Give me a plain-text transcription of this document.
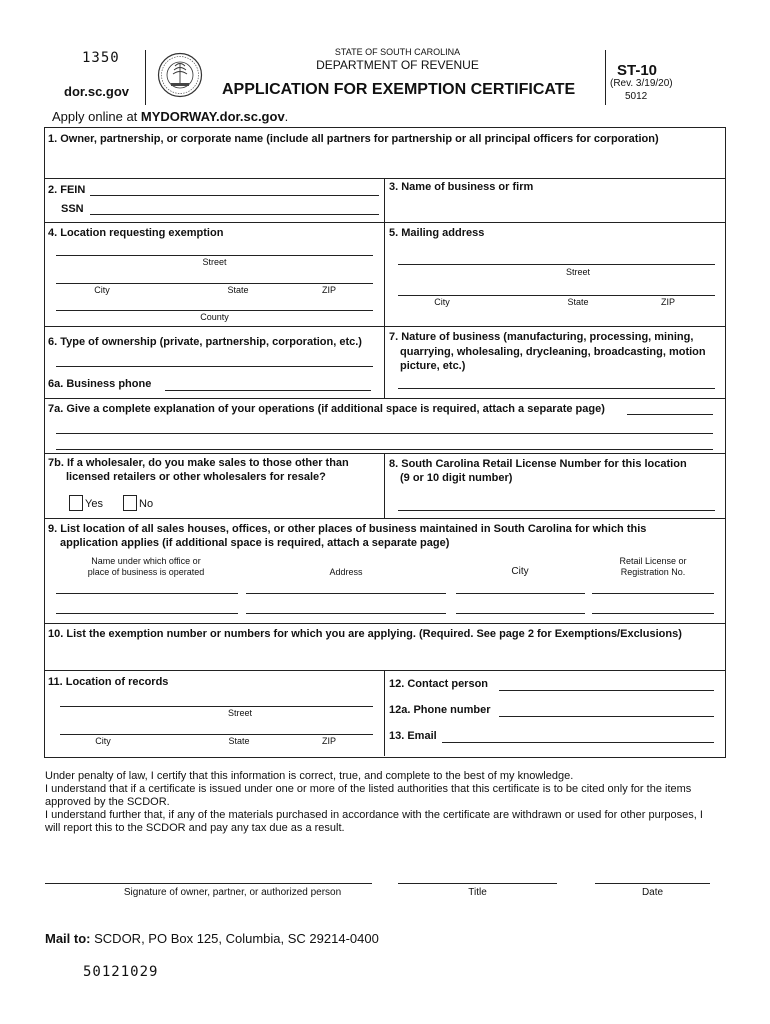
1350
dor.sc.gov
STATE OF SOUTH CAROLINA
DEPARTMENT OF REVENUE
APPLICATION FOR EXEMPTION CERTIFICATE
ST-10
(Rev. 3/19/20)
5012
Apply online at MYDORWAY.dor.sc.gov.
1. Owner, partnership, or corporate name (include all partners for partnership or all principal officers for corporation)
2. FEIN
SSN
3. Name of business or firm
4. Location requesting exemption
Street
City	State	ZIP
County
5. Mailing address
Street
City	State	ZIP
6. Type of ownership (private, partnership, corporation, etc.)
6a. Business phone
7. Nature of business (manufacturing, processing, mining,
quarrying, wholesaling, drycleaning, broadcasting, motion
picture, etc.)
7a. Give a complete explanation of your operations (if additional space is required, attach a separate page)
7b. If a wholesaler, do you make sales to those other than
licensed retailers or other wholesalers for resale?
Yes	No
8. South Carolina Retail License Number for this location
(9 or 10 digit number)
9. List location of all sales houses, offices, or other places of business maintained in South Carolina for which this
application applies (if additional space is required, attach a separate page)
Name under which office or
place of business is operated	Address	City
Retail License or
Registration No.
10. List the exemption number or numbers for which you are applying. (Required. See page 2 for Exemptions/Exclusions)
11. Location of records
Street
City	State	ZIP
12. Contact person
12a. Phone number
13. Email
Under penalty of law, I certify that this information is correct, true, and complete to the best of my knowledge.
I understand that if a certificate is issued under one or more of the listed authorities that this certificate is to be cited only for the items
approved by the SCDOR.
I understand further that, if any of the materials purchased in accordance with the certificate are withdrawn or used for other purposes, I
will report this to the SCDOR and pay any tax due as a result.
Signature of owner, partner, or authorized person	Title	Date
Mail to: SCDOR, PO Box 125, Columbia, SC 29214-0400
50121029
